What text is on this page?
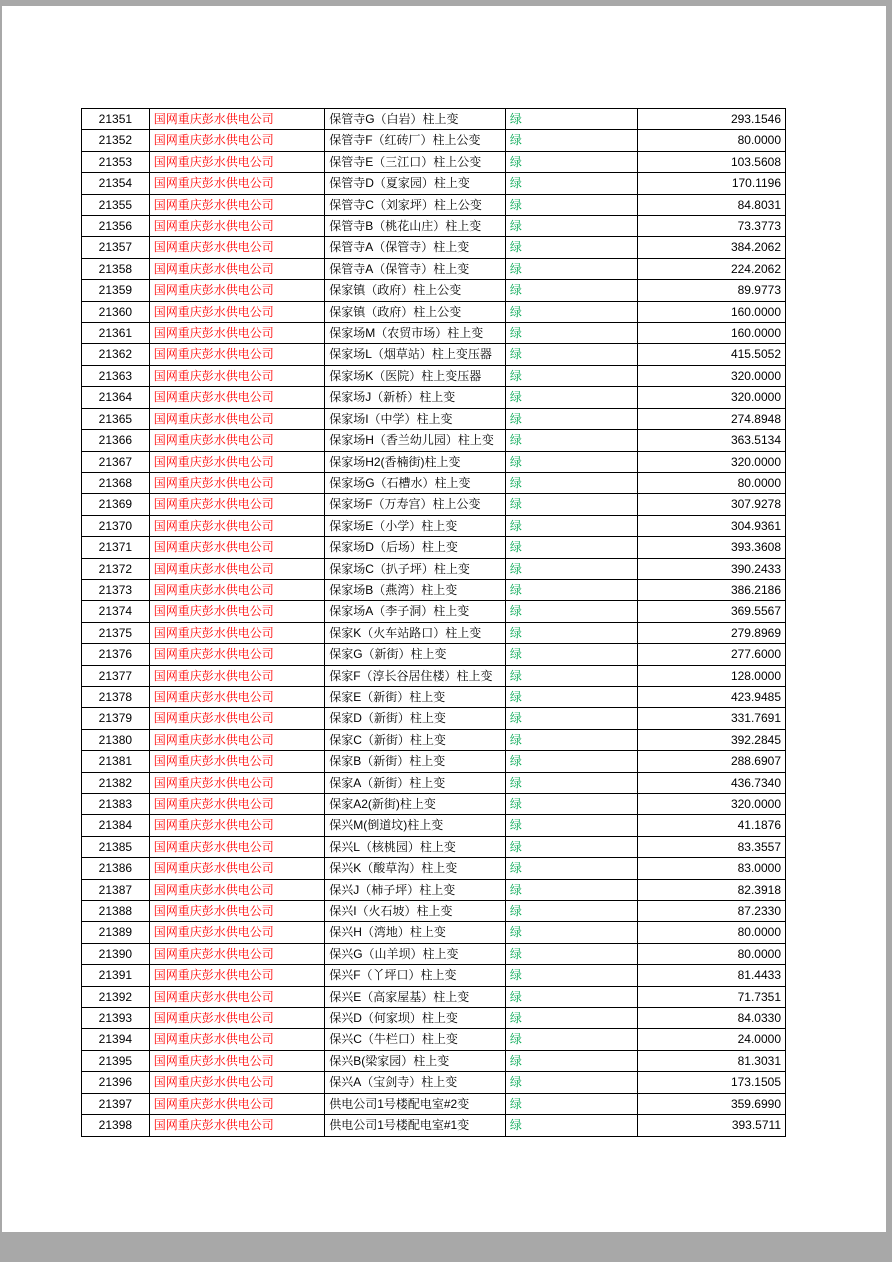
21351	国网重庆彭水供电公司	保管寺G（白岩）柱上变	绿	293.1546
21352	国网重庆彭水供电公司	保管寺F（红砖厂）柱上公变	绿	80.0000
21353	国网重庆彭水供电公司	保管寺E（三江口）柱上公变	绿	103.5608
21354	国网重庆彭水供电公司	保管寺D（夏家园）柱上变	绿	170.1196
21355	国网重庆彭水供电公司	保管寺C（刘家坪）柱上公变	绿	84.8031
21356	国网重庆彭水供电公司	保管寺B（桃花山庄）柱上变	绿	73.3773
21357	国网重庆彭水供电公司	保管寺A（保管寺）柱上变	绿	384.2062
21358	国网重庆彭水供电公司	保管寺A（保管寺）柱上变	绿	224.2062
21359	国网重庆彭水供电公司	保家镇（政府）柱上公变	绿	89.9773
21360	国网重庆彭水供电公司	保家镇（政府）柱上公变	绿	160.0000
21361	国网重庆彭水供电公司	保家场M（农贸市场）柱上变	绿	160.0000
21362	国网重庆彭水供电公司	保家场L（烟草站）柱上变压器	绿	415.5052
21363	国网重庆彭水供电公司	保家场K（医院）柱上变压器	绿	320.0000
21364	国网重庆彭水供电公司	保家场J（新桥）柱上变	绿	320.0000
21365	国网重庆彭水供电公司	保家场I（中学）柱上变	绿	274.8948
21366	国网重庆彭水供电公司	保家场H（香兰幼儿园）柱上变	绿	363.5134
21367	国网重庆彭水供电公司	保家场H2(香楠街)柱上变	绿	320.0000
21368	国网重庆彭水供电公司	保家场G（石槽水）柱上变	绿	80.0000
21369	国网重庆彭水供电公司	保家场F（万寿宫）柱上公变	绿	307.9278
21370	国网重庆彭水供电公司	保家场E（小学）柱上变	绿	304.9361
21371	国网重庆彭水供电公司	保家场D（后场）柱上变	绿	393.3608
21372	国网重庆彭水供电公司	保家场C（扒子坪）柱上变	绿	390.2433
21373	国网重庆彭水供电公司	保家场B（燕湾）柱上变	绿	386.2186
21374	国网重庆彭水供电公司	保家场A（李子洞）柱上变	绿	369.5567
21375	国网重庆彭水供电公司	保家K（火车站路口）柱上变	绿	279.8969
21376	国网重庆彭水供电公司	保家G（新街）柱上变	绿	277.6000
21377	国网重庆彭水供电公司	保家F（淳长谷居住楼）柱上变	绿	128.0000
21378	国网重庆彭水供电公司	保家E（新街）柱上变	绿	423.9485
21379	国网重庆彭水供电公司	保家D（新街）柱上变	绿	331.7691
21380	国网重庆彭水供电公司	保家C（新街）柱上变	绿	392.2845
21381	国网重庆彭水供电公司	保家B（新街）柱上变	绿	288.6907
21382	国网重庆彭水供电公司	保家A（新街）柱上变	绿	436.7340
21383	国网重庆彭水供电公司	保家A2(新街)柱上变	绿	320.0000
21384	国网重庆彭水供电公司	保兴M(倒道坟)柱上变	绿	41.1876
21385	国网重庆彭水供电公司	保兴L（核桃园）柱上变	绿	83.3557
21386	国网重庆彭水供电公司	保兴K（酸草沟）柱上变	绿	83.0000
21387	国网重庆彭水供电公司	保兴J（柿子坪）柱上变	绿	82.3918
21388	国网重庆彭水供电公司	保兴I（火石坡）柱上变	绿	87.2330
21389	国网重庆彭水供电公司	保兴H（湾地）柱上变	绿	80.0000
21390	国网重庆彭水供电公司	保兴G（山羊坝）柱上变	绿	80.0000
21391	国网重庆彭水供电公司	保兴F（丫坪口）柱上变	绿	81.4433
21392	国网重庆彭水供电公司	保兴E（高家屋基）柱上变	绿	71.7351
21393	国网重庆彭水供电公司	保兴D（何家坝）柱上变	绿	84.0330
21394	国网重庆彭水供电公司	保兴C（牛栏口）柱上变	绿	24.0000
21395	国网重庆彭水供电公司	保兴B(梁家园）柱上变	绿	81.3031
21396	国网重庆彭水供电公司	保兴A（宝剑寺）柱上变	绿	173.1505
21397	国网重庆彭水供电公司	供电公司1号楼配电室#2变	绿	359.6990
21398	国网重庆彭水供电公司	供电公司1号楼配电室#1变	绿	393.5711
